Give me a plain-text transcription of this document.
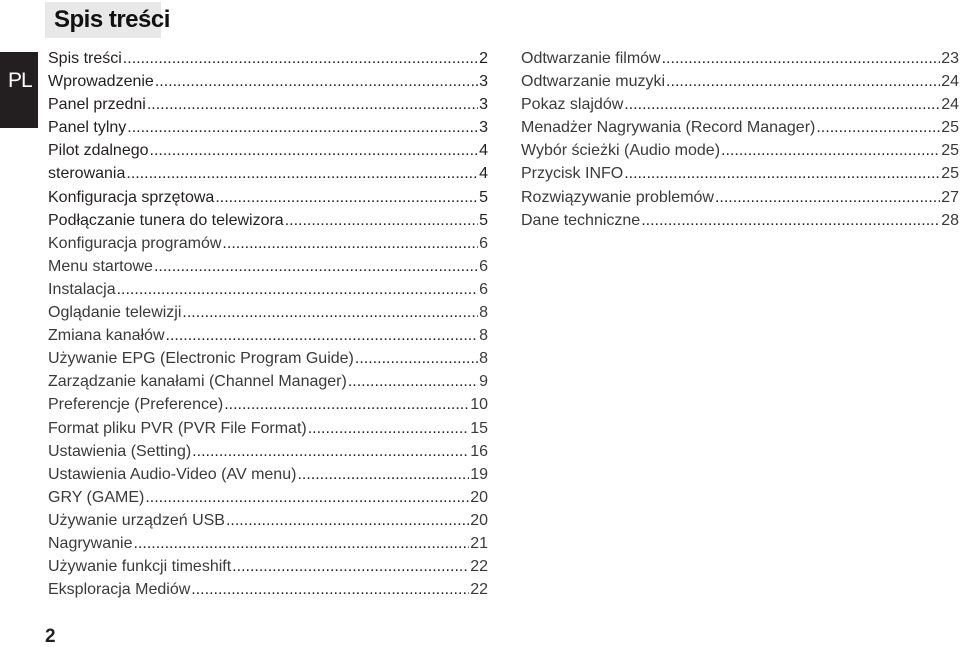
Spis treści
PL
Spis treści .....	2
Wprowadzenie .....	3
Panel przedni .....	3
Panel tylny .....	3
Pilot zdalnego .....	4
sterowania .....	4
Konfiguracja sprzętowa .....	5
Podłączanie tunera do telewizora .....	5
Konfiguracja programów .....	6
Menu startowe .....	6
Instalacja .....	6
Oglądanie telewizji .....	8
Zmiana kanałów .....	8
Używanie EPG (Electronic Program Guide) .....	8
Zarządzanie kanałami (Channel Manager) .....	9
Preferencje (Preference) .....	10
Format pliku PVR (PVR File Format) .....	15
Ustawienia (Setting) .....	16
Ustawienia Audio-Video (AV menu) .....	19
GRY (GAME) .....	20
Używanie urządzeń USB .....	20
Nagrywanie .....	21
Używanie funkcji timeshift .....	22
Eksploracja Mediów .....	22
Odtwarzanie filmów .....	23
Odtwarzanie muzyki .....	24
Pokaz slajdów .....	24
Menadżer Nagrywania (Record Manager) .....	25
Wybór ścieżki (Audio mode) .....	25
Przycisk INFO .....	25
Rozwiązywanie problemów .....	27
Dane techniczne .....	28
2
